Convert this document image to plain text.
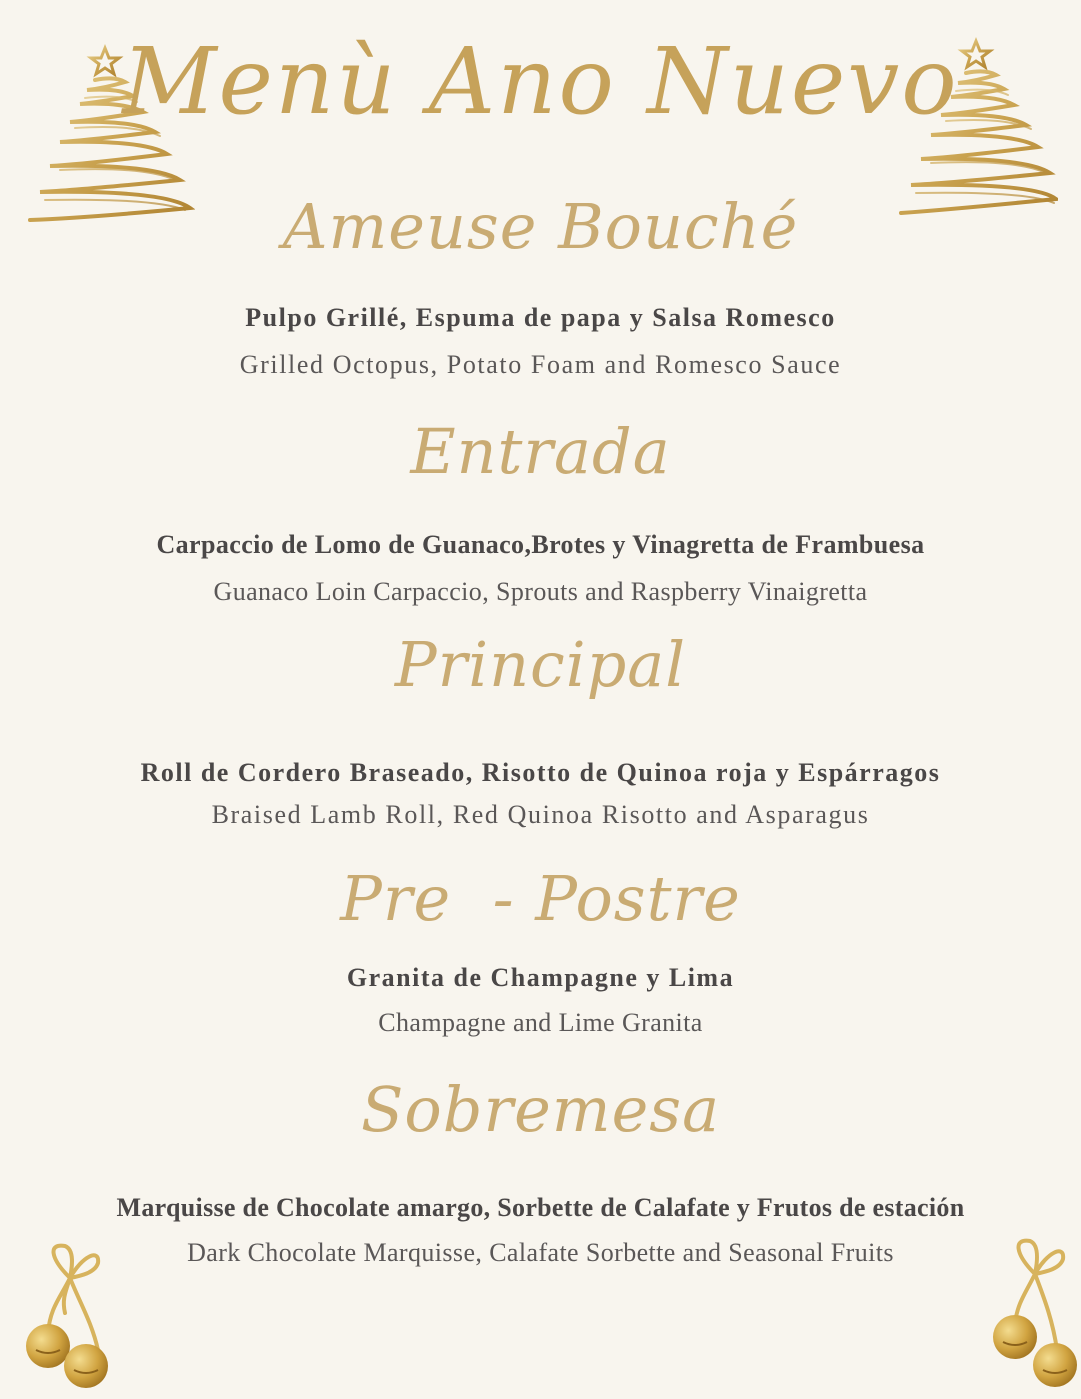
Menù Ano Nuevo
Ameuse Bouché
Pulpo Grillé, Espuma de papa y Salsa Romesco
Grilled Octopus, Potato Foam and Romesco Sauce
Entrada
Carpaccio de Lomo de Guanaco,Brotes y Vinagretta de Frambuesa
Guanaco Loin Carpaccio, Sprouts and Raspberry Vinaigretta
Principal
Roll de Cordero Braseado, Risotto de Quinoa roja y Espárragos
Braised Lamb Roll, Red Quinoa Risotto and Asparagus
Pre  - Postre
Granita de Champagne y Lima
Champagne and Lime Granita
Sobremesa
Marquisse de Chocolate amargo, Sorbette de Calafate y Frutos de estación
Dark Chocolate Marquisse, Calafate Sorbette and Seasonal Fruits
